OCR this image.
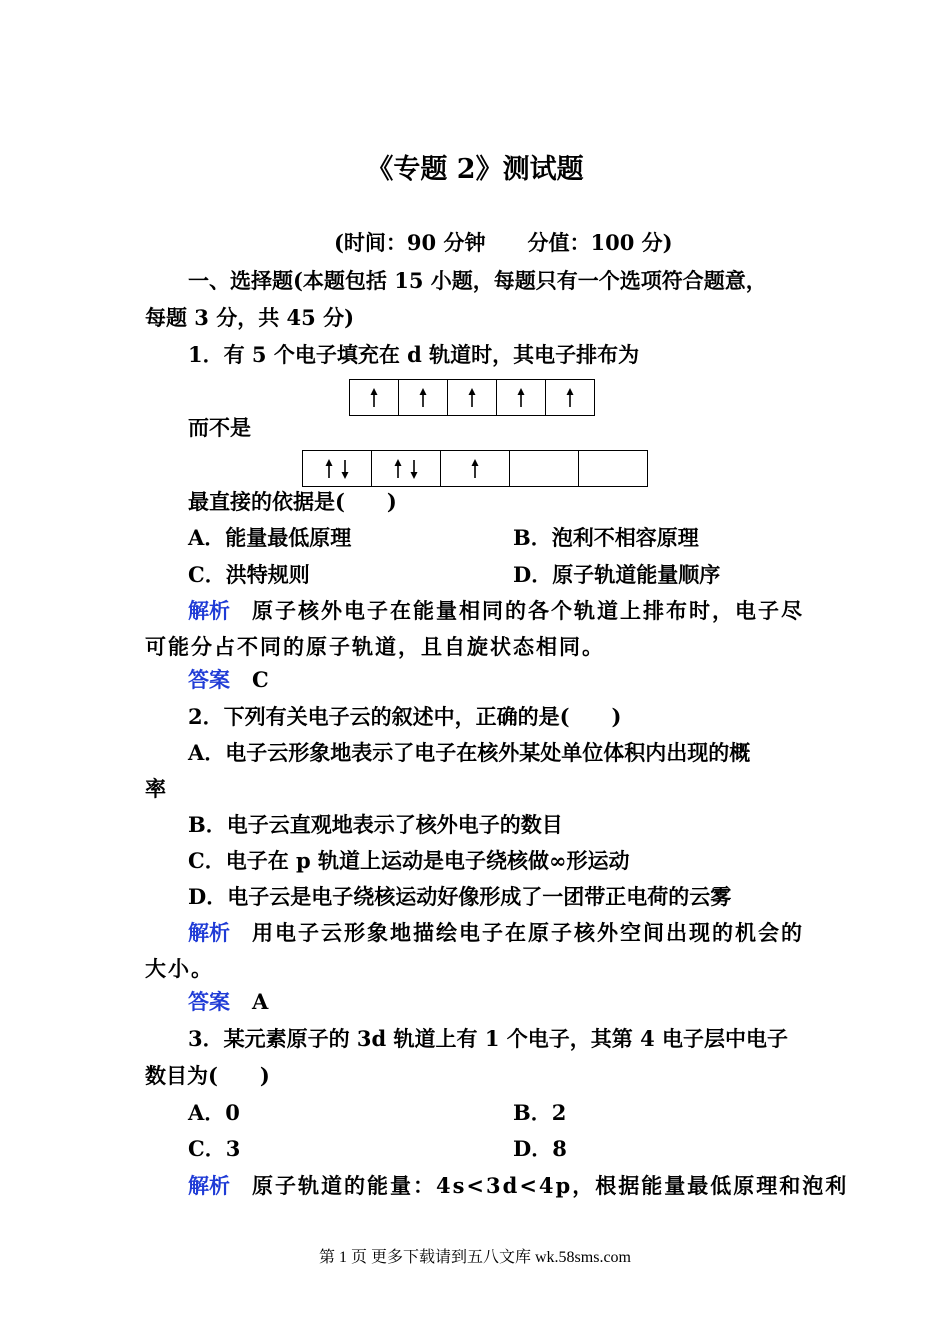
《专题 2》测试题
(时间：90 分钟　　分值：100 分)
一、选择题(本题包括 15 小题，每题只有一个选项符合题意，
每题 3 分，共 45 分)
1．有 5 个电子填充在 d 轨道时，其电子排布为
而不是
最直接的依据是(　　)
A．能量最低原理	B．泡利不相容原理
C．洪特规则	D．原子轨道能量顺序
解析 原子核外电子在能量相同的各个轨道上排布时，电子尽
可能分占不同的原子轨道，且自旋状态相同。
答案 C
2．下列有关电子云的叙述中，正确的是(　　)
A．电子云形象地表示了电子在核外某处单位体积内出现的概
率
B．电子云直观地表示了核外电子的数目
C．电子在 p 轨道上运动是电子绕核做∞形运动
D．电子云是电子绕核运动好像形成了一团带正电荷的云雾
解析 用电子云形象地描绘电子在原子核外空间出现的机会的
大小。
答案 A
3．某元素原子的 3d 轨道上有 1 个电子，其第 4 电子层中电子
数目为(　　)
A．0	B．2
C．3	D．8
解析 原子轨道的能量：4s<3d<4p，根据能量最低原理和泡利
第 1 页 更多下载请到五八文库 wk.58sms.com
